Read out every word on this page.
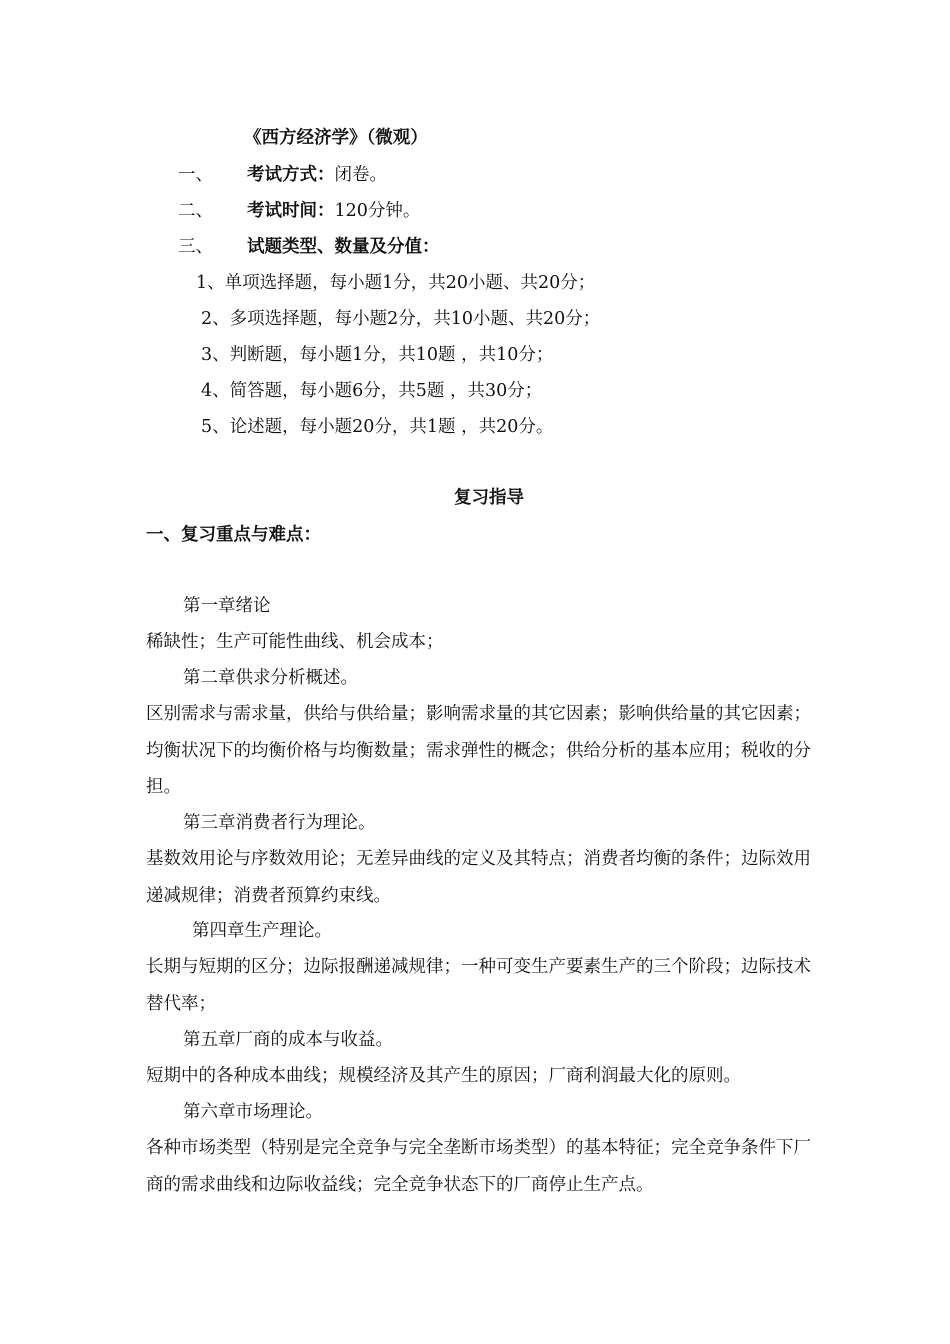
《西方经济学》（微观）
一、 考试方式：闭卷。
二、 考试时间：120分钟。
三、 试题类型、数量及分值：
1、单项选择题，每小题1分，共20小题、共20分；
2、多项选择题，每小题2分，共10小题、共20分；
3、判断题，每小题1分，共10题 ，共10分；
4、简答题，每小题6分，共5题 ，共30分；
5、论述题，每小题20分，共1题 ，共20分。
复习指导
一、复习重点与难点：
第一章绪论
稀缺性；生产可能性曲线、机会成本；
第二章供求分析概述。
区别需求与需求量，供给与供给量；影响需求量的其它因素；影响供给量的其它因素；均衡状况下的均衡价格与均衡数量；需求弹性的概念；供给分析的基本应用；税收的分担。
第三章消费者行为理论。
基数效用论与序数效用论；无差异曲线的定义及其特点；消费者均衡的条件；边际效用递减规律；消费者预算约束线。
第四章生产理论。
长期与短期的区分；边际报酬递减规律；一种可变生产要素生产的三个阶段；边际技术替代率；
第五章厂商的成本与收益。
短期中的各种成本曲线；规模经济及其产生的原因；厂商利润最大化的原则。
第六章市场理论。
各种市场类型（特别是完全竞争与完全垄断市场类型）的基本特征；完全竞争条件下厂商的需求曲线和边际收益线；完全竞争状态下的厂商停止生产点。
